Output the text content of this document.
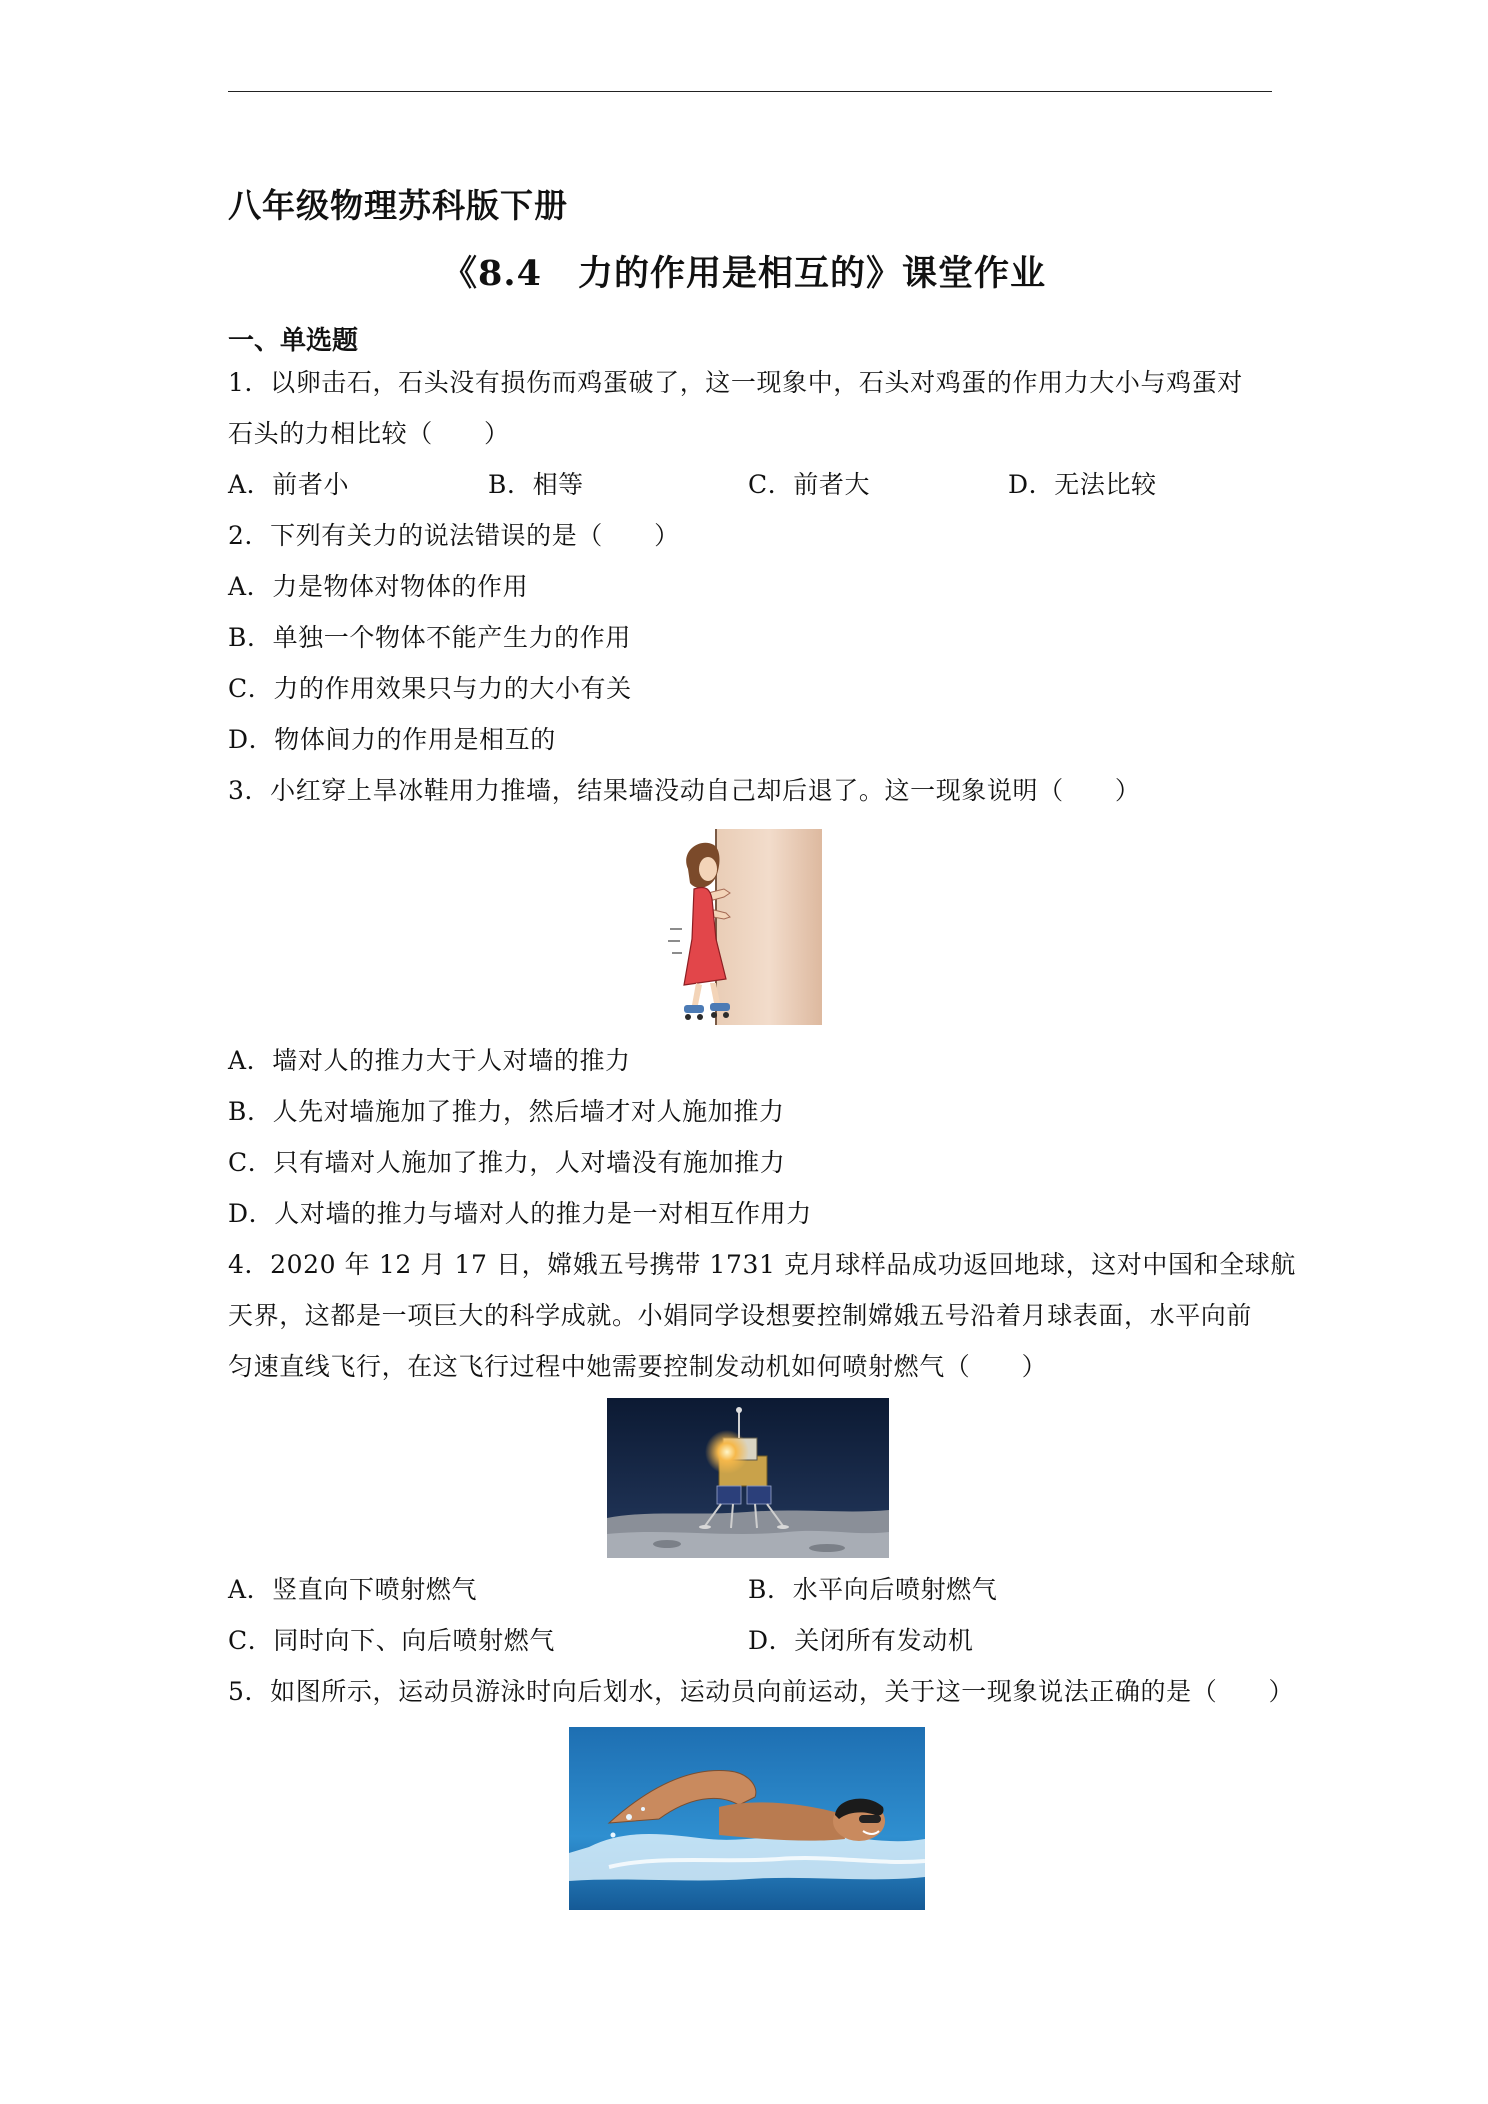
八年级物理苏科版下册
《8.4　力的作用是相互的》课堂作业
一、单选题
1．以卵击石，石头没有损伤而鸡蛋破了，这一现象中，石头对鸡蛋的作用力大小与鸡蛋对
石头的力相比较（　　）
A．前者小	B．相等	C．前者大	D．无法比较
2．下列有关力的说法错误的是（　　）
A．力是物体对物体的作用
B．单独一个物体不能产生力的作用
C．力的作用效果只与力的大小有关
D．物体间力的作用是相互的
3．小红穿上旱冰鞋用力推墙，结果墙没动自己却后退了。这一现象说明（　　）
A．墙对人的推力大于人对墙的推力
B．人先对墙施加了推力，然后墙才对人施加推力
C．只有墙对人施加了推力，人对墙没有施加推力
D．人对墙的推力与墙对人的推力是一对相互作用力
4．2020 年 12 月 17 日，嫦娥五号携带 1731 克月球样品成功返回地球，这对中国和全球航
天界，这都是一项巨大的科学成就。小娟同学设想要控制嫦娥五号沿着月球表面，水平向前
匀速直线飞行，在这飞行过程中她需要控制发动机如何喷射燃气（　　）
A．竖直向下喷射燃气	B．水平向后喷射燃气
C．同时向下、向后喷射燃气	D．关闭所有发动机
5．如图所示，运动员游泳时向后划水，运动员向前运动，关于这一现象说法正确的是（　　）
